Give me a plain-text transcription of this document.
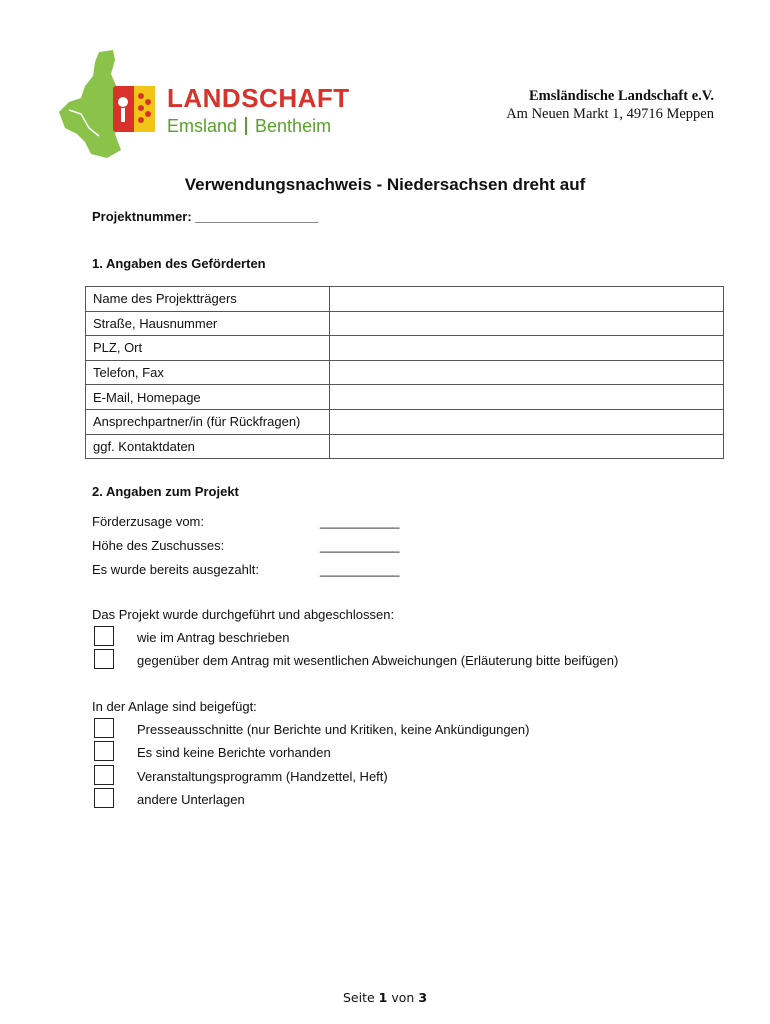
LANDSCHAFT
Emsland Bentheim
Emsländische Landschaft e.V.
Am Neuen Markt 1, 49716 Meppen
Verwendungsnachweis - Niedersachsen dreht auf
Projektnummer: _________________
1. Angaben des Geförderten
Name des Projektträgers	
Straße, Hausnummer	
PLZ, Ort	
Telefon, Fax	
E-Mail, Homepage	
Ansprechpartner/in (für Rückfragen)	
ggf. Kontaktdaten	
2. Angaben zum Projekt
Förderzusage vom:	___________
Höhe des Zuschusses:	___________
Es wurde bereits ausgezahlt:	___________
Das Projekt wurde durchgeführt und abgeschlossen:
wie im Antrag beschrieben
gegenüber dem Antrag mit wesentlichen Abweichungen (Erläuterung bitte beifügen)
In der Anlage sind beigefügt:
Presseausschnitte (nur Berichte und Kritiken, keine Ankündigungen)
Es sind keine Berichte vorhanden
Veranstaltungsprogramm (Handzettel, Heft)
andere Unterlagen
Seite 1 von 3
